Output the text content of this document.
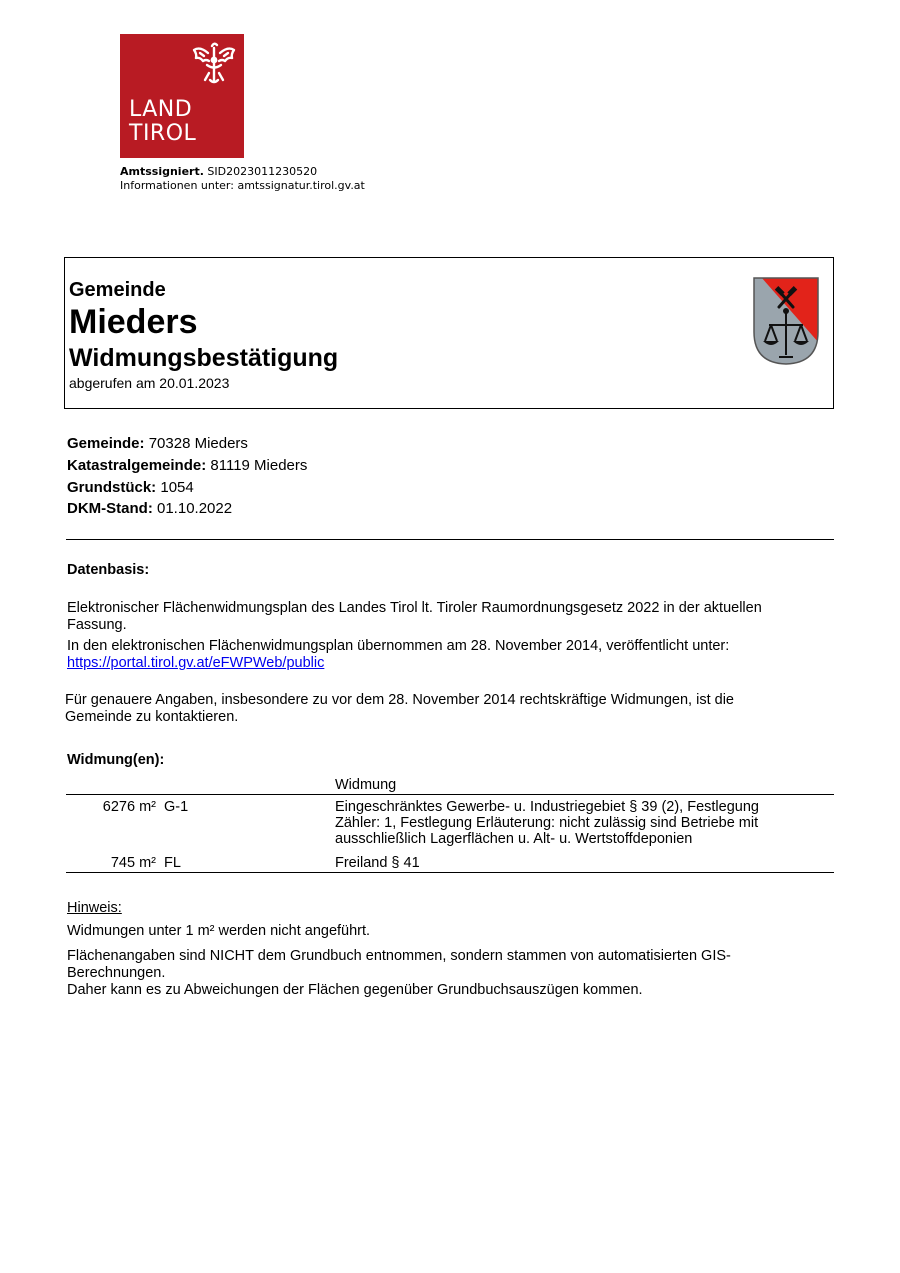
LAND
TIROL
Amtssigniert. SID2023011230520
Informationen unter: amtssignatur.tirol.gv.at
Gemeinde
Mieders
Widmungsbestätigung
abgerufen am 20.01.2023
Gemeinde: 70328 Mieders
Katastralgemeinde: 81119 Mieders
Grundstück: 1054
DKM-Stand: 01.10.2022
Datenbasis:
Elektronischer Flächenwidmungsplan des Landes Tirol lt. Tiroler Raumordnungsgesetz 2022 in der aktuellen
Fassung.
In den elektronischen Flächenwidmungsplan übernommen am 28. November 2014, veröffentlicht unter:
https://portal.tirol.gv.at/eFWPWeb/public
Für genauere Angaben, insbesondere zu vor dem 28. November 2014 rechtskräftige Widmungen, ist die
Gemeinde zu kontaktieren.
Widmung(en):
Widmung
6276 m² G-1	Eingeschränktes Gewerbe- u. Industriegebiet § 39 (2), Festlegung
Zähler: 1, Festlegung Erläuterung: nicht zulässig sind Betriebe mit
ausschließlich Lagerflächen u. Alt- u. Wertstoffdeponien
745 m² FL	Freiland § 41
Hinweis:
Widmungen unter 1 m² werden nicht angeführt.
Flächenangaben sind NICHT dem Grundbuch entnommen, sondern stammen von automatisierten GIS-
Berechnungen.
Daher kann es zu Abweichungen der Flächen gegenüber Grundbuchsauszügen kommen.
